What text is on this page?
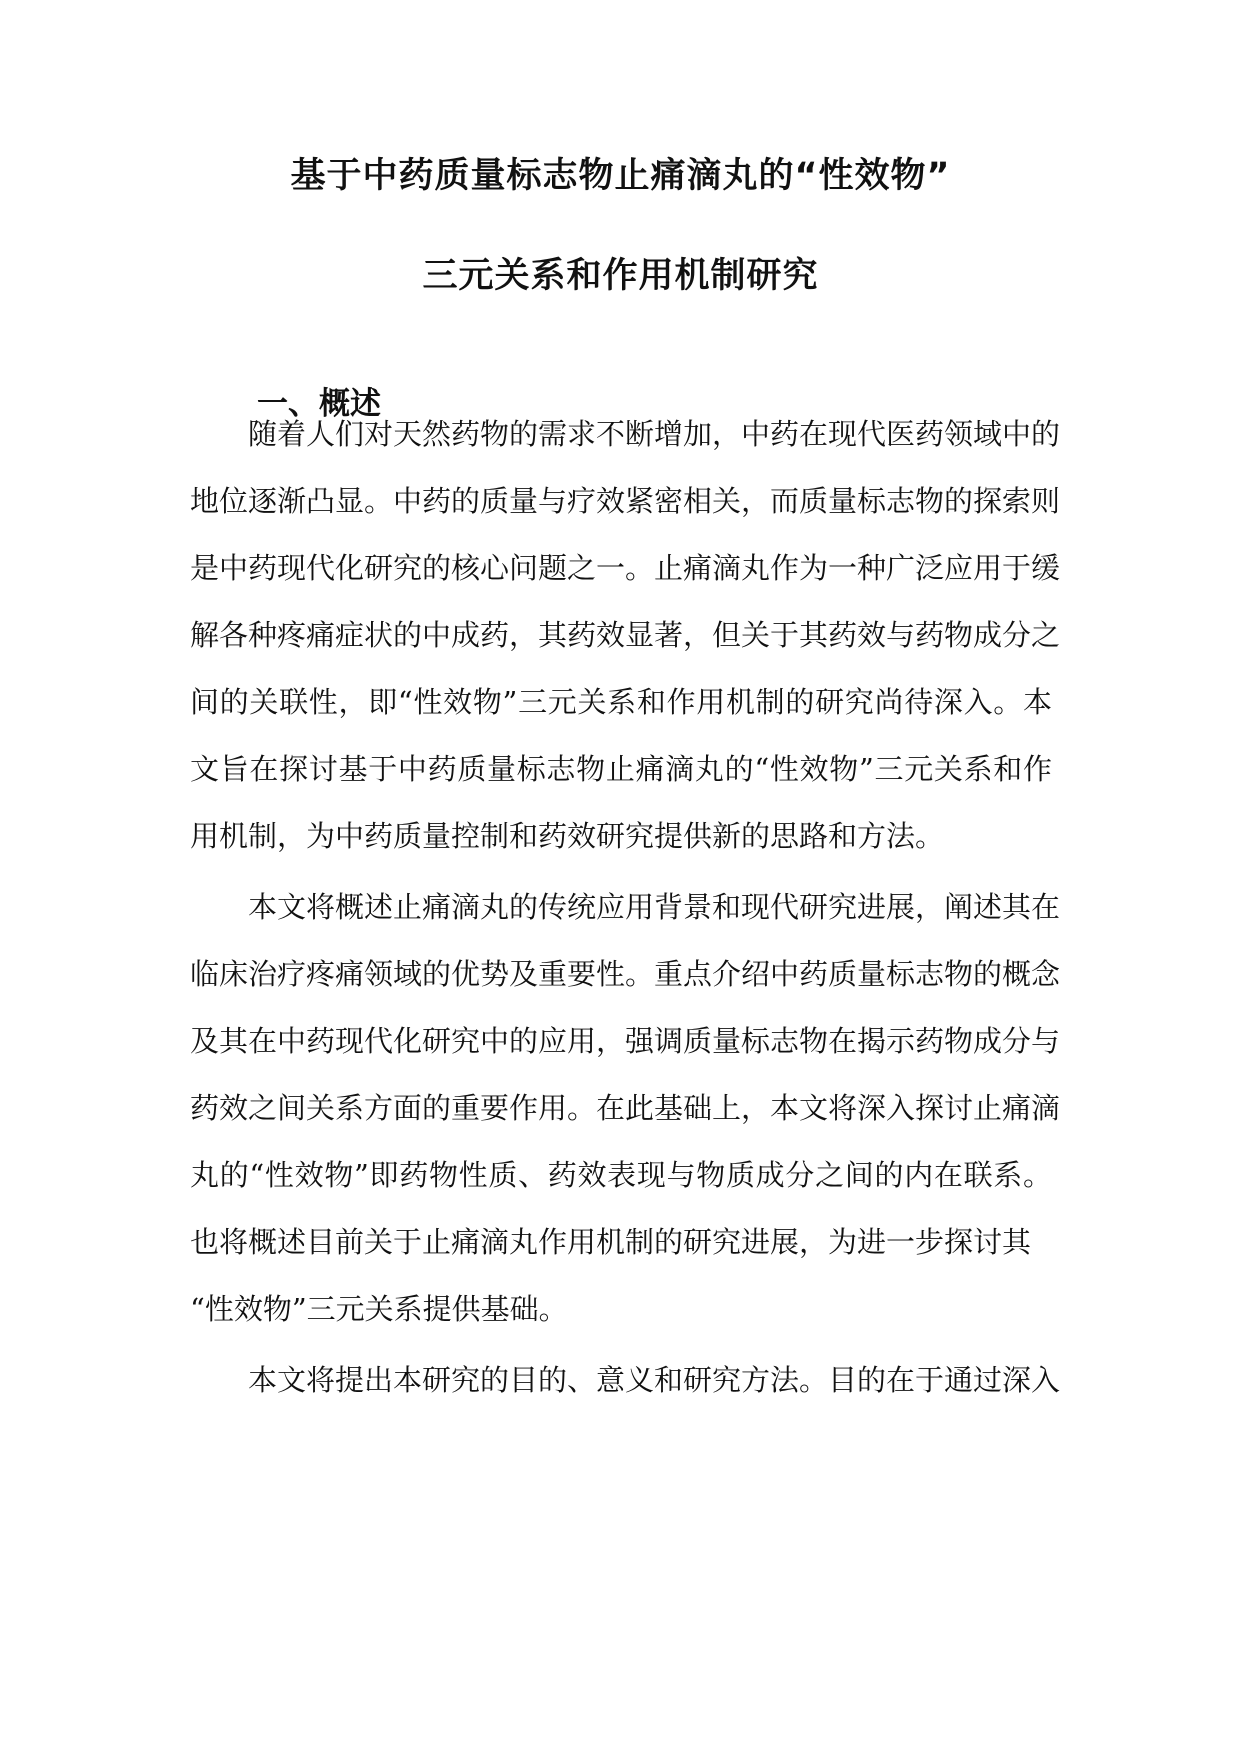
基于中药质量标志物止痛滴丸的“性效物”
三元关系和作用机制研究
一、概述
随着人们对天然药物的需求不断增加，中药在现代医药领域中的
地位逐渐凸显。中药的质量与疗效紧密相关，而质量标志物的探索则
是中药现代化研究的核心问题之一。止痛滴丸作为一种广泛应用于缓
解各种疼痛症状的中成药，其药效显著，但关于其药效与药物成分之
间的关联性，即“性效物”三元关系和作用机制的研究尚待深入。本
文旨在探讨基于中药质量标志物止痛滴丸的“性效物”三元关系和作
用机制，为中药质量控制和药效研究提供新的思路和方法。
本文将概述止痛滴丸的传统应用背景和现代研究进展，阐述其在
临床治疗疼痛领域的优势及重要性。重点介绍中药质量标志物的概念
及其在中药现代化研究中的应用，强调质量标志物在揭示药物成分与
药效之间关系方面的重要作用。在此基础上，本文将深入探讨止痛滴
丸的“性效物”即药物性质、药效表现与物质成分之间的内在联系。
也将概述目前关于止痛滴丸作用机制的研究进展，为进一步探讨其
“性效物”三元关系提供基础。
本文将提出本研究的目的、意义和研究方法。目的在于通过深入
